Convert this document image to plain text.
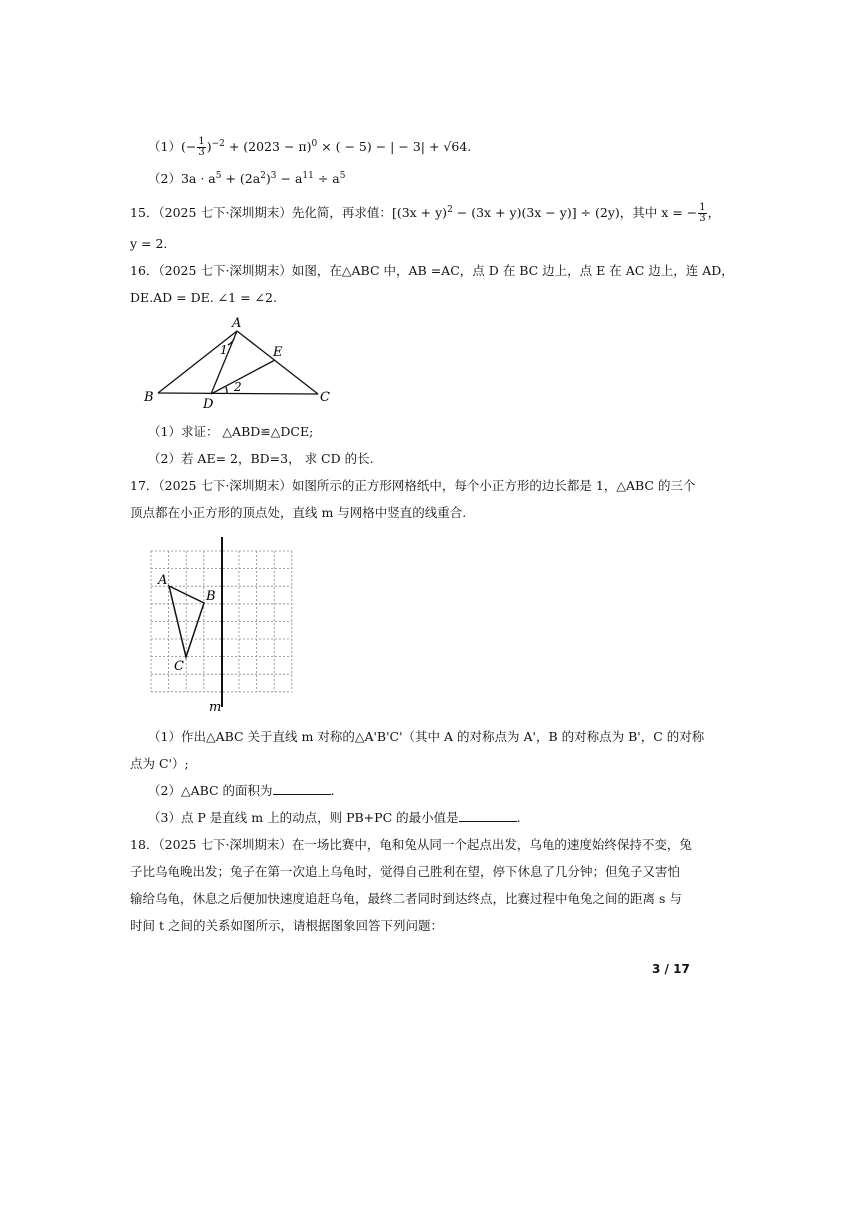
$(1)(- \frac{1}{3} )^{-2} + (2023 - \pi)^0$ × ( − 5) − | − 3| + √64.
$(2)3a \cdot a^5 + (2a^2)^3 - a^{11} \div a^5$
15．（2025 七下·深圳期末）先化简，再求值：$[(3x + y)^2 - (3x + y)(3x - y)] \div (2y)$，其中 x = − $\frac{1}{3}$ ，
y = 2.
16．（2025 七下·深圳期末）如图，在△ABC 中，AB =AC，点 D 在 BC 边上，点 E 在 AC 边上，连 AD，
DE.AD = DE. ∠1 = ∠2.
A
B	C
D
E
1
2
（1）求证： △ABD≌△DCE;
（2）若 AE= 2，BD=3， 求 CD 的长.
17．（2025 七下·深圳期末）如图所示的正方形网格纸中，每个小正方形的边长都是 1，△ABC 的三个
顶点都在小正方形的顶点处，直线 m 与网格中竖直的线重合.
A
B
C
m
（1）作出△ABC 关于直线 m 对称的△A'B'C'（其中 A 的对称点为 A'，B 的对称点为 B'，C 的对称
点为 C'）;
（2）△ABC 的面积为	.
（3）点 P 是直线 m 上的动点，则 PB+PC 的最小值是	.
18．（2025 七下·深圳期末）在一场比赛中，龟和兔从同一个起点出发，乌龟的速度始终保持不变，兔
子比乌龟晚出发；兔子在第一次追上乌龟时，觉得自己胜利在望，停下休息了几分钟；但兔子又害怕
输给乌龟，休息之后便加快速度追赶乌龟，最终二者同时到达终点，比赛过程中龟兔之间的距离 s 与
时间 t 之间的关系如图所示，请根据图象回答下列问题：
3 / 17
